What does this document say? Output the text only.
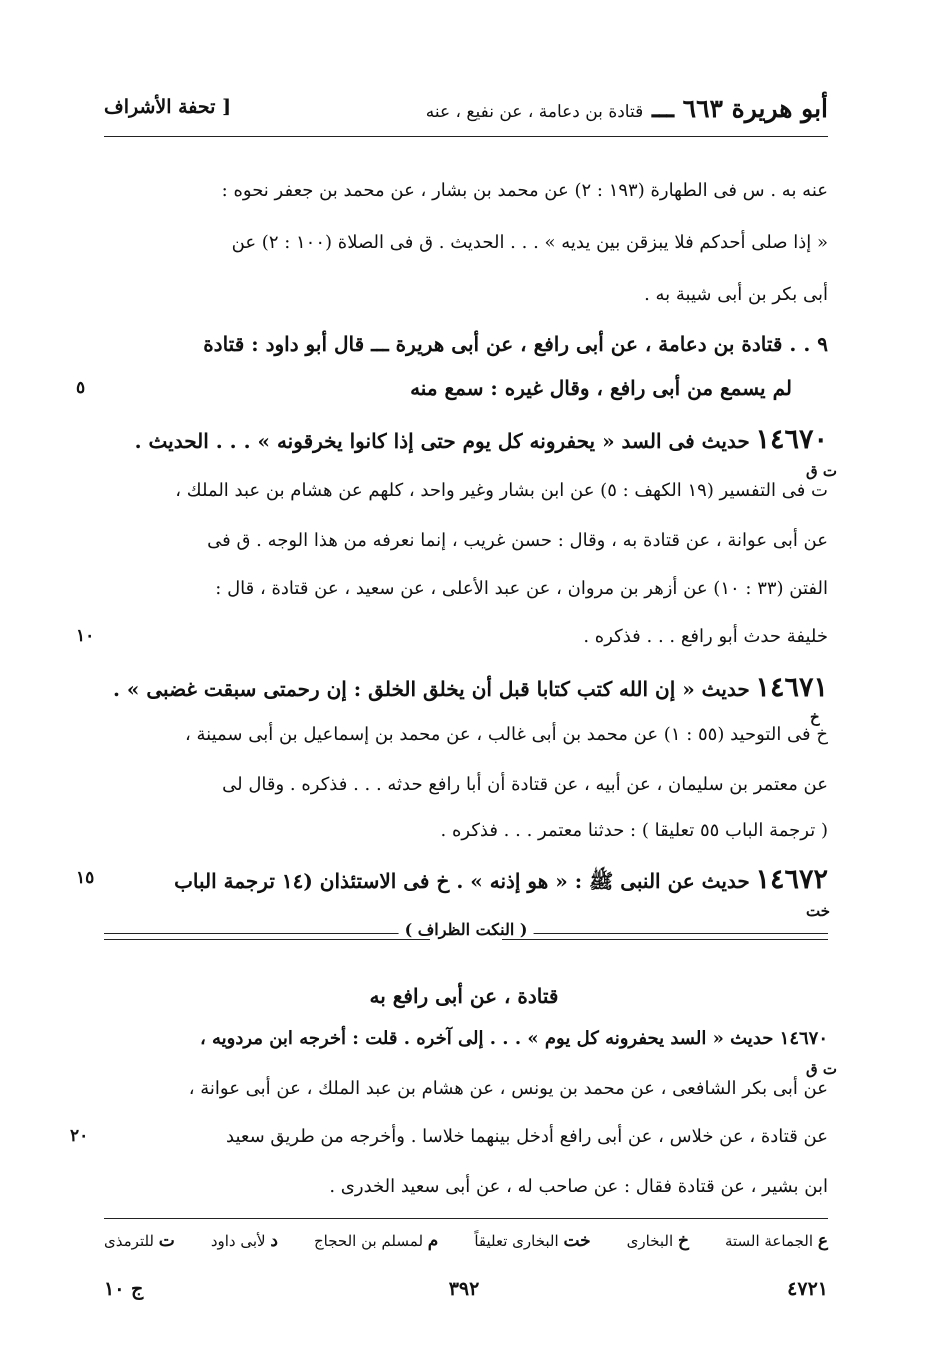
أبو هريرة ٦٦٣ ـــ قتادة بن دعامة ، عن نفيع ، عنه
[ تحفة الأشراف
عنه به . س فى الطهارة (١٩٣ : ٢) عن محمد بن بشار ، عن محمد بن جعفر نحوه :
« إذا صلى أحدكم فلا يبزقن بين يديه » . . . الحديث . ق فى الصلاة (١٠٠ : ٢) عن
أبى بكر بن أبى شيبة به .
٩ . . قتادة بن دعامة ، عن أبى رافع ، عن أبى هريرة ـــ قال أبو داود : قتادة
لم يسمع من أبى رافع ، وقال غيره : سمع منه
٥
١٤٦٧٠ حديث فى السد « يحفرونه كل يوم حتى إذا كانوا يخرقونه » . . . الحديث .
ت ق
ت فى التفسير (١٩ الكهف : ٥) عن ابن بشار وغير واحد ، كلهم عن هشام بن عبد الملك ،
عن أبى عوانة ، عن قتادة به ، وقال : حسن غريب ، إنما نعرفه من هذا الوجه . ق فى
الفتن (٣٣ : ١٠) عن أزهر بن مروان ، عن عبد الأعلى ، عن سعيد ، عن قتادة ، قال :
خليفة حدث أبو رافع . . . فذكره .
١٠
١٤٦٧١ حديث « إن الله كتب كتابا قبل أن يخلق الخلق : إن رحمتى سبقت غضبى » .
خ
خ فى التوحيد (٥٥ : ١) عن محمد بن أبى غالب ، عن محمد بن إسماعيل بن أبى سمينة ،
عن معتمر بن سليمان ، عن أبيه ، عن قتادة أن أبا رافع حدثه . . . فذكره . وقال لى
( ترجمة الباب ٥٥ تعليقا ) : حدثنا معتمر . . . فذكره .
١٤٦٧٢ حديث عن النبى ﷺ : « هو إذنه » . خ فى الاستئذان (١٤ ترجمة الباب
١٥
خت
( النكت الظراف )
قتادة ، عن أبى رافع به
١٤٦٧٠ حديث « السد يحفرونه كل يوم » . . . إلى آخره . قلت : أخرجه ابن مردويه ،
ت ق
عن أبى بكر الشافعى ، عن محمد بن يونس ، عن هشام بن عبد الملك ، عن أبى عوانة ،
عن قتادة ، عن خلاس ، عن أبى رافع أدخل بينهما خلاسا . وأخرجه من طريق سعيد
٢٠
ابن بشير ، عن قتادة فقال : عن صاحب له ، عن أبى سعيد الخدرى .
ع الجماعة الستة
خ البخارى
خت البخارى تعليقاً
م لمسلم بن الحجاج
د لأبى داود
ت للترمذى
٤٧٢١
٣٩٢
ج ١٠
